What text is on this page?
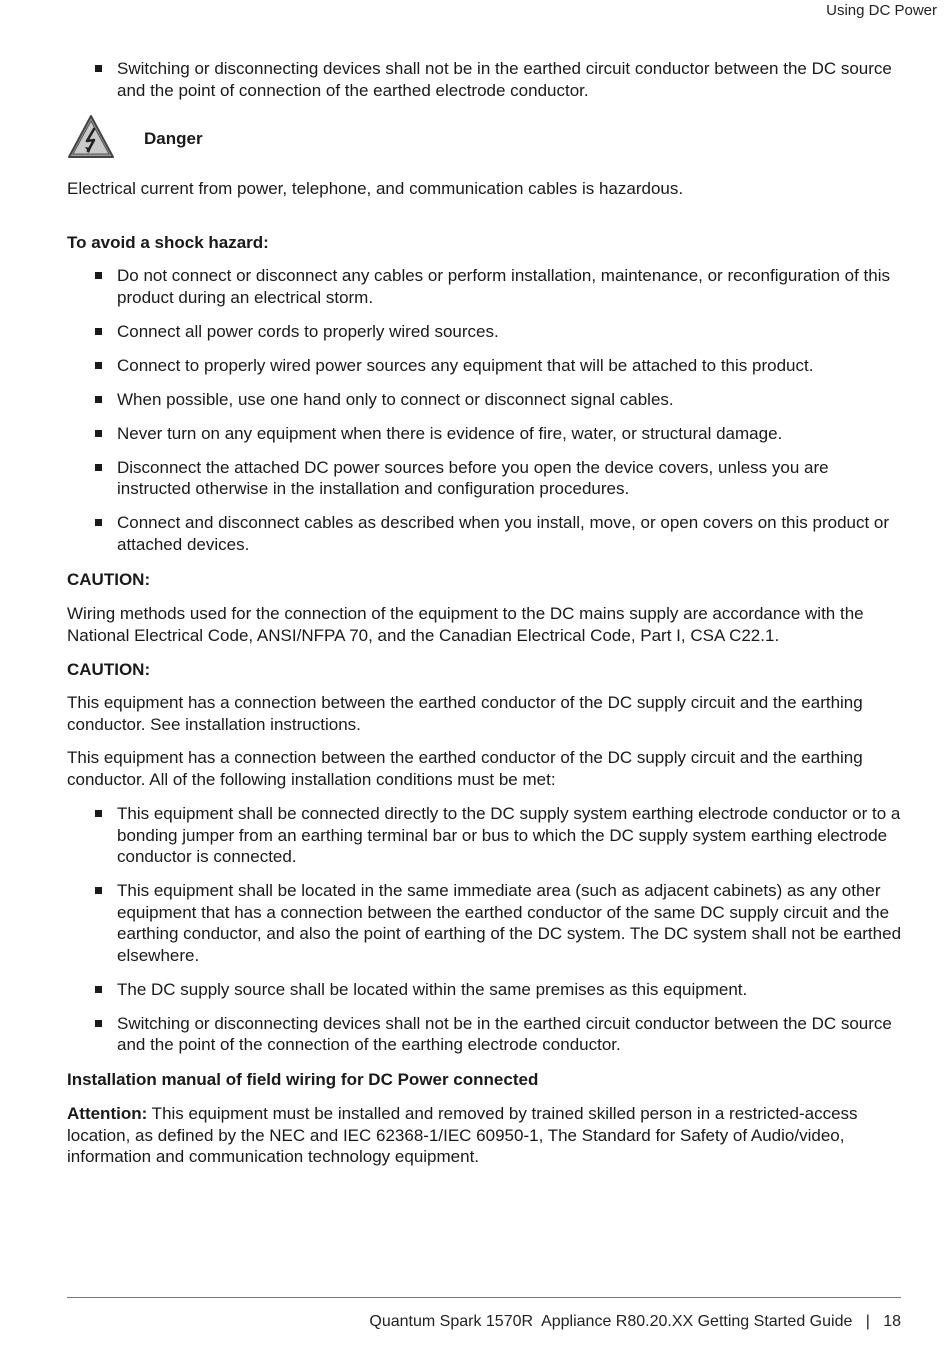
Using DC Power
Switching or disconnecting devices shall not be in the earthed circuit conductor between the DC source and the point of connection of the earthed electrode conductor.
Danger
Electrical current from power, telephone, and communication cables is hazardous.
To avoid a shock hazard:
Do not connect or disconnect any cables or perform installation, maintenance, or reconfiguration of this product during an electrical storm.
Connect all power cords to properly wired sources.
Connect to properly wired power sources any equipment that will be attached to this product.
When possible, use one hand only to connect or disconnect signal cables.
Never turn on any equipment when there is evidence of fire, water, or structural damage.
Disconnect the attached DC power sources before you open the device covers, unless you are instructed otherwise in the installation and configuration procedures.
Connect and disconnect cables as described when you install, move, or open covers on this product or attached devices.
CAUTION:
Wiring methods used for the connection of the equipment to the DC mains supply are accordance with the National Electrical Code, ANSI/NFPA 70, and the Canadian Electrical Code, Part I, CSA C22.1.
CAUTION:
This equipment has a connection between the earthed conductor of the DC supply circuit and the earthing conductor. See installation instructions.
This equipment has a connection between the earthed conductor of the DC supply circuit and the earthing conductor. All of the following installation conditions must be met:
This equipment shall be connected directly to the DC supply system earthing electrode conductor or to a bonding jumper from an earthing terminal bar or bus to which the DC supply system earthing electrode conductor is connected.
This equipment shall be located in the same immediate area (such as adjacent cabinets) as any other equipment that has a connection between the earthed conductor of the same DC supply circuit and the earthing conductor, and also the point of earthing of the DC system. The DC system shall not be earthed elsewhere.
The DC supply source shall be located within the same premises as this equipment.
Switching or disconnecting devices shall not be in the earthed circuit conductor between the DC source and the point of the connection of the earthing electrode conductor.
Installation manual of field wiring for DC Power connected
Attention: This equipment must be installed and removed by trained skilled person in a restricted-access location, as defined by the NEC and IEC 62368-1/IEC 60950-1, The Standard for Safety of Audio/video, information and communication technology equipment.
Quantum Spark 1570R  Appliance R80.20.XX Getting Started Guide   |   18
